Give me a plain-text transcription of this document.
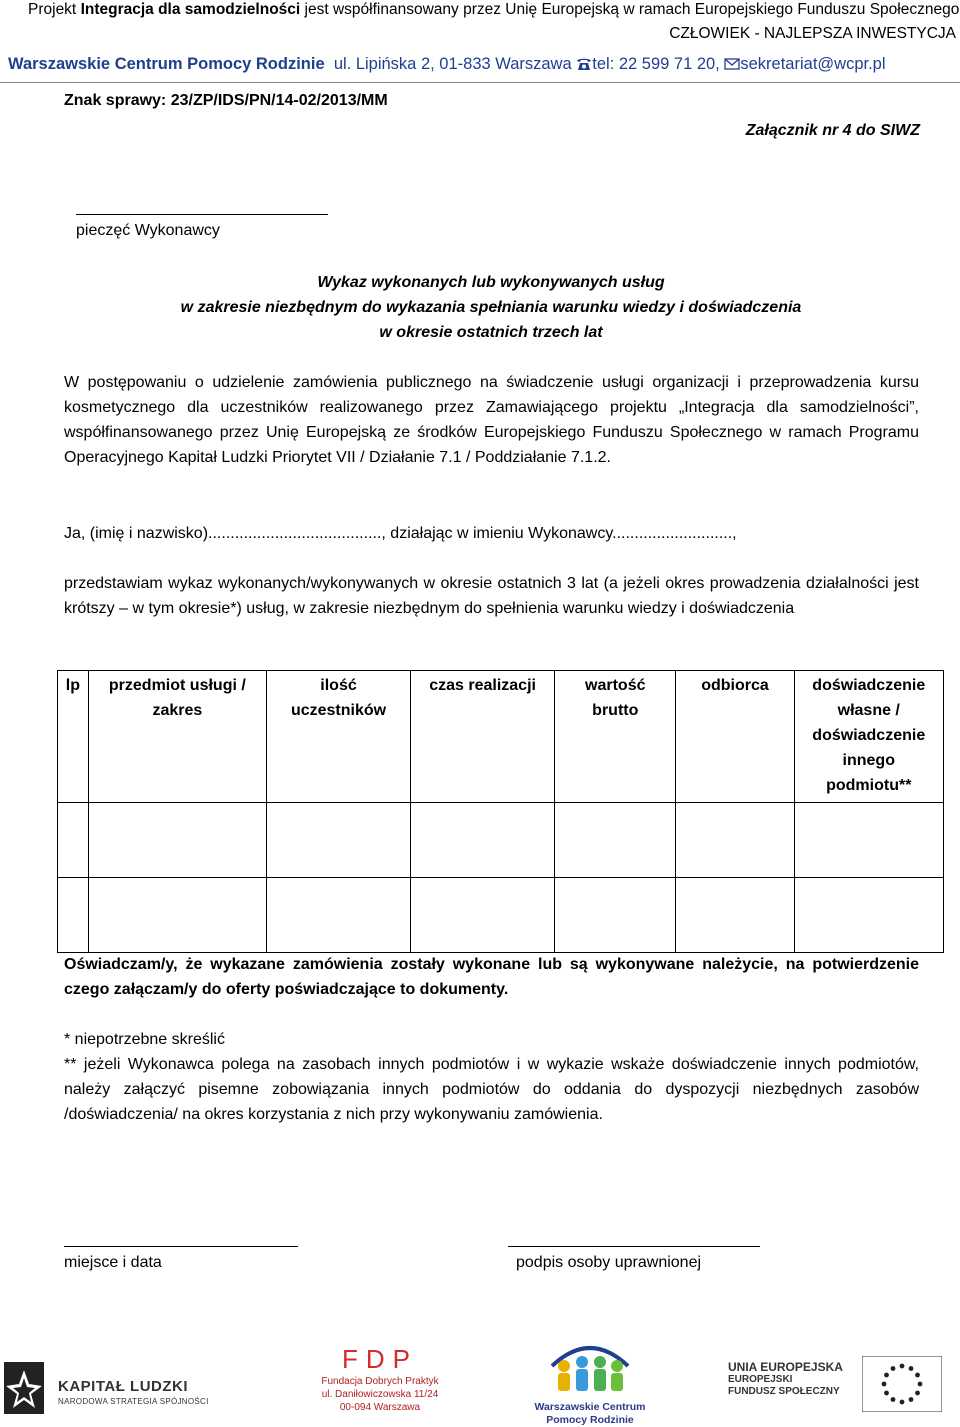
Projekt Integracja dla samodzielności jest współfinansowany przez Unię Europejską w ramach Europejskiego Funduszu Społecznego
CZŁOWIEK - NAJLEPSZA INWESTYCJA
Warszawskie Centrum Pomocy Rodzinie ul. Lipińska 2, 01-833 Warszawa tel: 22 599 71 20, sekretariat@wcpr.pl
Znak sprawy: 23/ZP/IDS/PN/14-02/2013/MM
Załącznik nr 4 do SIWZ
pieczęć Wykonawcy
Wykaz wykonanych lub wykonywanych usług
w zakresie niezbędnym do wykazania spełniania warunku wiedzy i doświadczenia
w okresie ostatnich trzech lat
W postępowaniu o udzielenie zamówienia publicznego na świadczenie usługi organizacji i przeprowadzenia kursu kosmetycznego dla uczestników realizowanego przez Zamawiającego projektu „Integracja dla samodzielności”, współfinansowanego przez Unię Europejską ze środków Europejskiego Funduszu Społecznego w ramach Programu Operacyjnego Kapitał Ludzki Priorytet VII / Działanie 7.1 / Poddziałanie 7.1.2.
Ja, (imię i nazwisko)......................................., działając w imieniu Wykonawcy...........................,
przedstawiam wykaz wykonanych/wykonywanych w okresie ostatnich 3 lat (a jeżeli okres prowadzenia działalności jest krótszy – w tym okresie*) usług, w zakresie niezbędnym do spełnienia warunku wiedzy i doświadczenia
lp	przedmiot usługi / zakres	ilość uczestników	czas realizacji	wartość brutto	odbiorca	doświadczenie własne / doświadczenie innego podmiotu**

Oświadczam/y, że wykazane zamówienia zostały wykonane lub są wykonywane należycie, na potwierdzenie czego załączam/y do oferty poświadczające to dokumenty.
* niepotrzebne skreślić
** jeżeli Wykonawca polega na zasobach innych podmiotów i w wykazie wskaże doświadczenie innych podmiotów, należy załączyć pisemne zobowiązania innych podmiotów do oddania do dyspozycji niezbędnych zasobów /doświadczenia/ na okres korzystania z nich przy wykonywaniu zamówienia.
miejsce i data	podpis osoby uprawnionej
KAPITAŁ LUDZKI
NARODOWA STRATEGIA SPÓJNOŚCI
FDP
Fundacja Dobrych Praktyk
ul. Daniłowiczowska 11/24
00-094 Warszawa	Warszawskie Centrum
Pomocy Rodzinie
UNIA EUROPEJSKA
EUROPEJSKI
FUNDUSZ SPOŁECZNY
